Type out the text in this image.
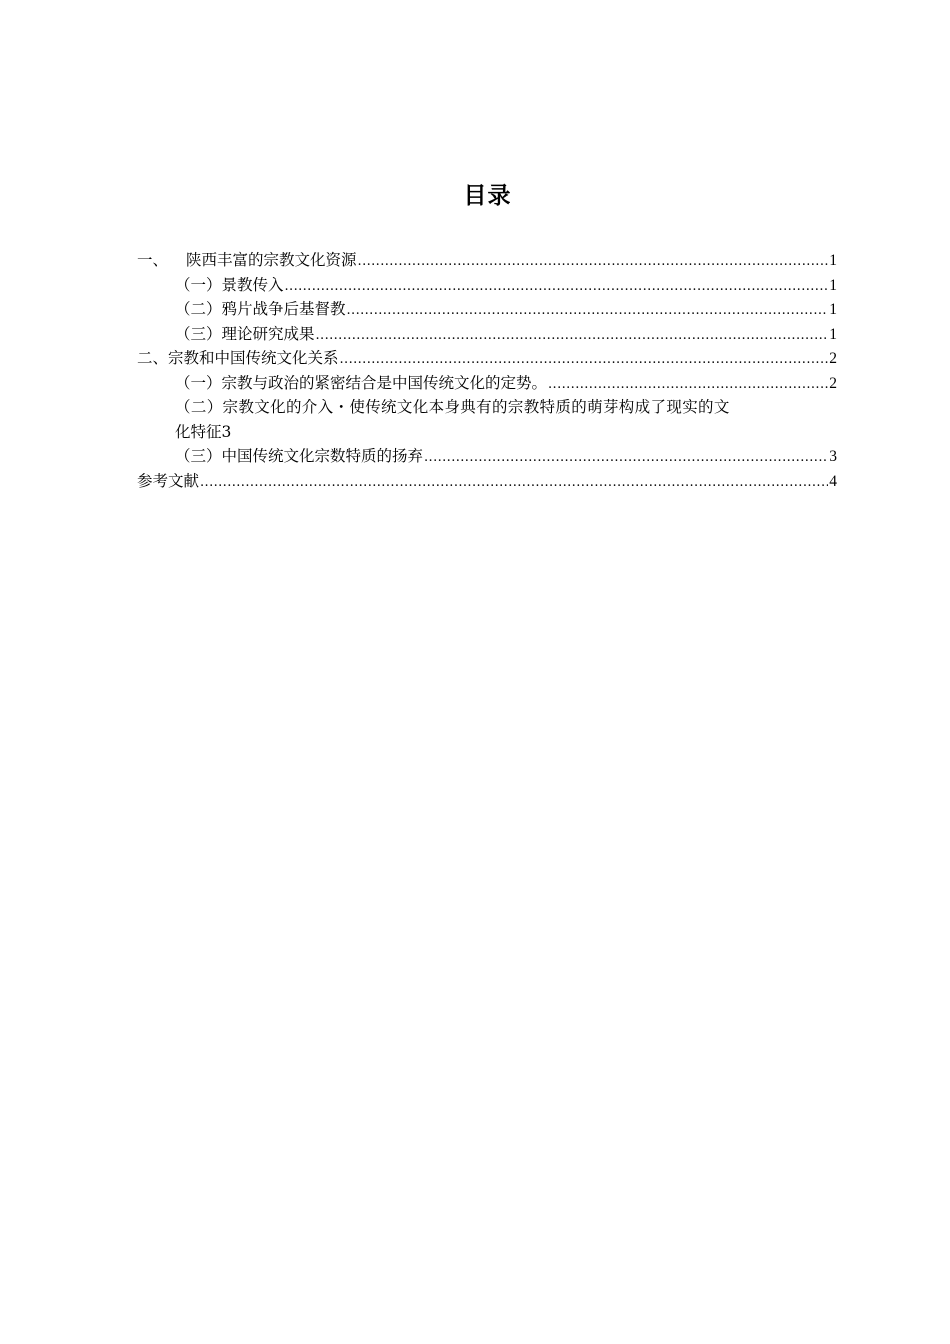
目录
一、 陕西丰富的宗教文化资源 .....	1
（一）景教传入 .....	1
（二）鸦片战争后基督教 .....	1
（三）理论研究成果 .....	1
二、宗教和中国传统文化关系 .....	2
（一）宗教与政治的紧密结合是中国传统文化的定势。 .....	2
（二）宗教文化的介入・使传统文化本身典有的宗教特质的萌芽构成了现实的文
化特征 3
（三）中国传统文化宗数特质的扬弃 .....	3
参考文献 .....	4
